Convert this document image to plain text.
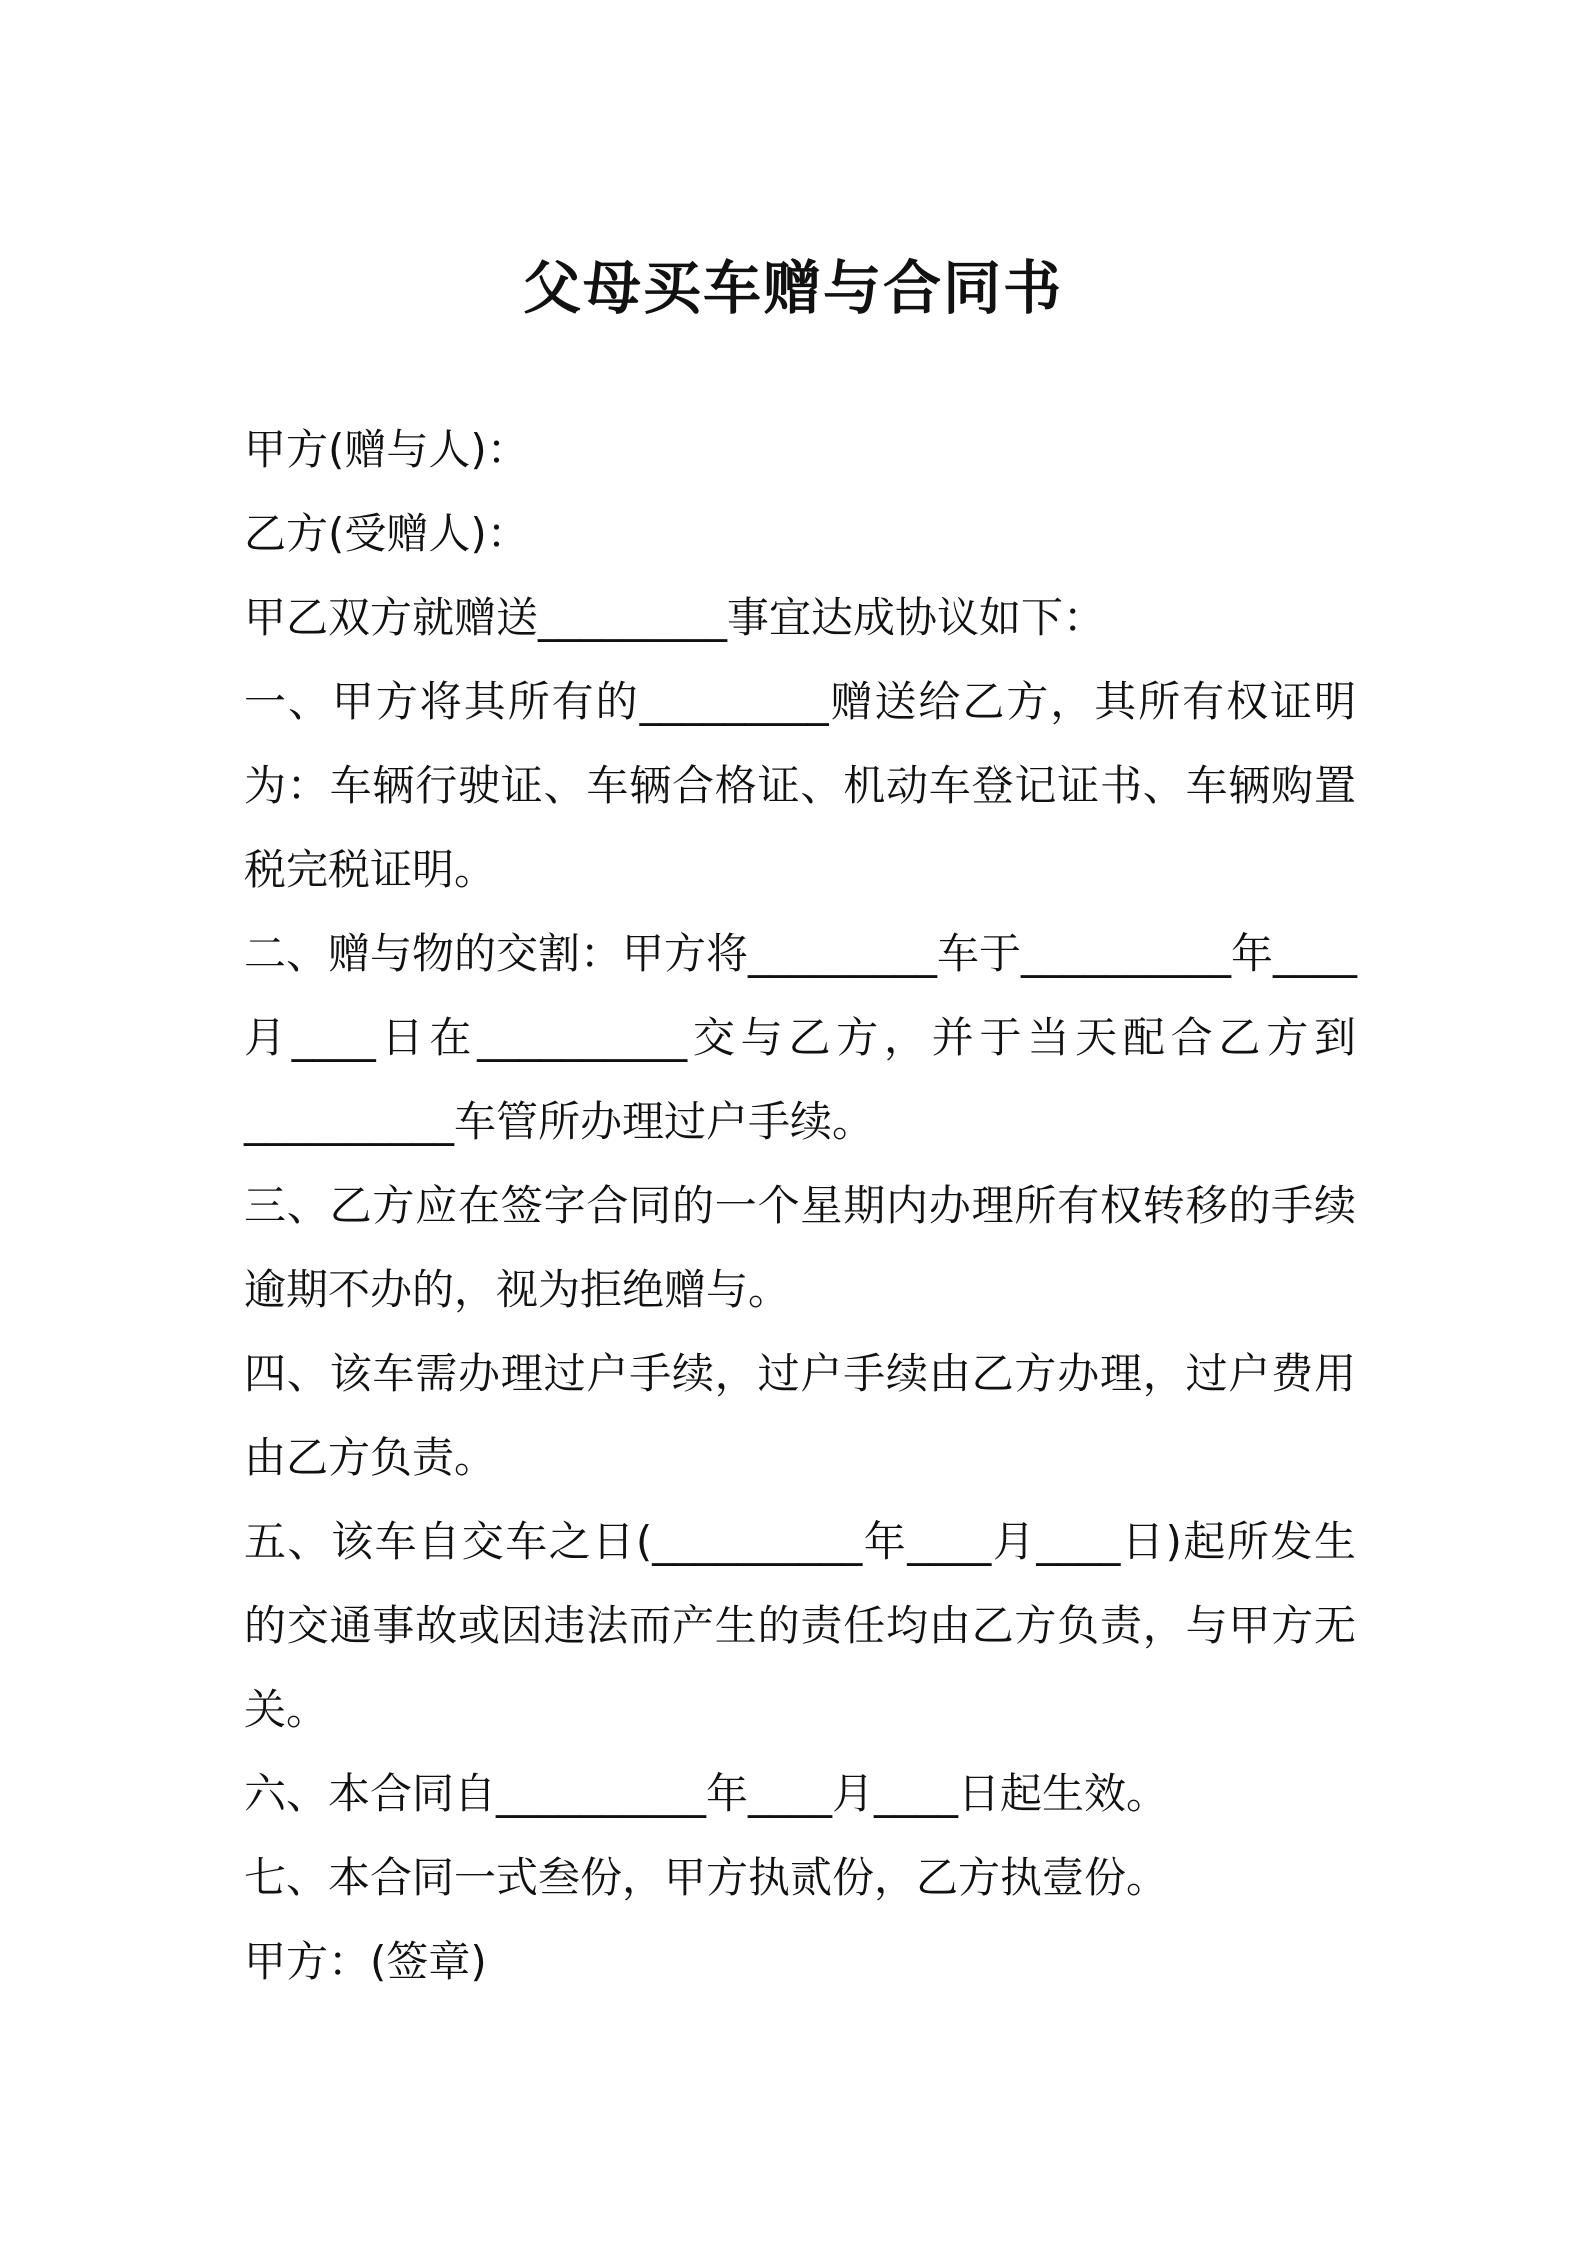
父母买车赠与合同书
甲方(赠与人)：
乙方(受赠人)：
甲乙双方就赠送_________事宜达成协议如下：
一、甲方将其所有的_________赠送给乙方，其所有权证明
为：车辆行驶证、车辆合格证、机动车登记证书、车辆购置
税完税证明。
二、赠与物的交割：甲方将_________车于__________年____
月____日在__________交与乙方，并于当天配合乙方到
__________车管所办理过户手续。
三、乙方应在签字合同的一个星期内办理所有权转移的手续
逾期不办的，视为拒绝赠与。
四、该车需办理过户手续，过户手续由乙方办理，过户费用
由乙方负责。
五、该车自交车之日(__________年____月____日)起所发生
的交通事故或因违法而产生的责任均由乙方负责，与甲方无
关。
六、本合同自__________年____月____日起生效。
七、本合同一式叁份，甲方执贰份，乙方执壹份。
甲方：(签章)
